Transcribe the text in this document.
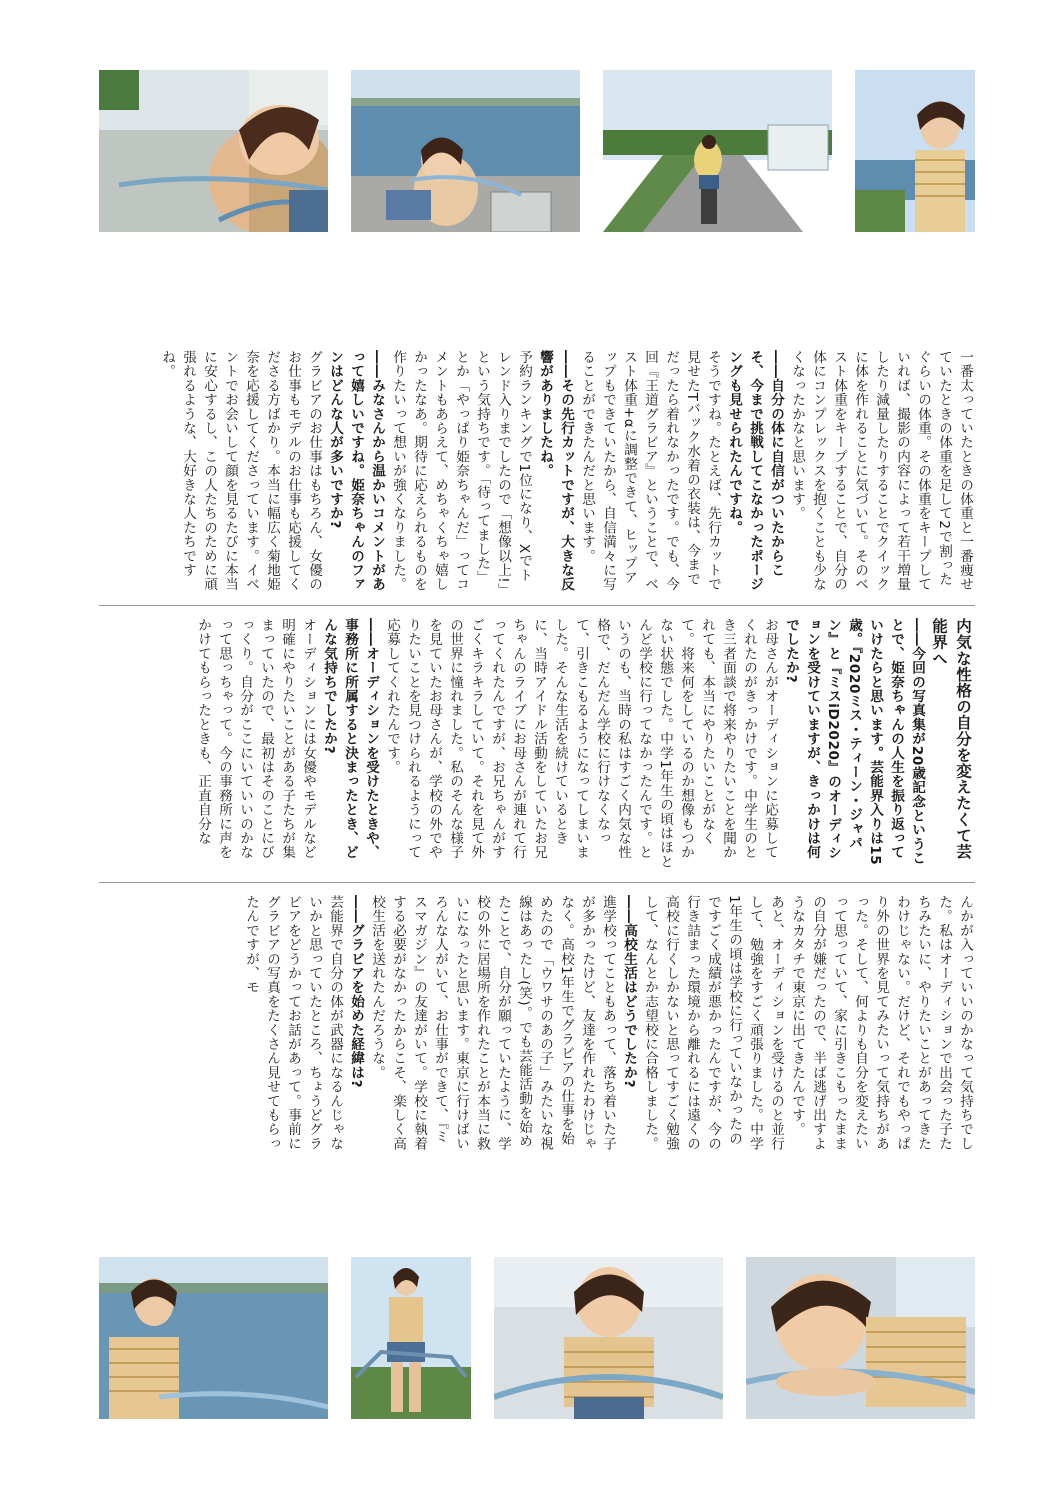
一番太っていたときの体重と一番痩せていたときの体重を足して2で割ったぐらいの体重。その体重をキープしていれば、撮影の内容によって若干増量したり減量したりすることでクイックに体を作れることに気づいて。そのベスト体重をキープすることで、自分の体にコンプレックスを抱くことも少なくなったかなと思います。

――自分の体に自信がついたからこそ、今まで挑戦してこなかったポージングも見せられたんですね。

そうですね。たとえば、先行カットで見せたTバック水着の衣装は、今までだったら着れなかったです。でも、今回『王道グラビア』ということで、ベスト体重+αに調整できて、ヒップアップもできていたから、自信満々に写ることができたんだと思います。

――その先行カットですが、大きな反響がありましたね。

予約ランキングで1位になり、Xでトレンド入りまでしたので「想像以上!」という気持ちです。「待ってました」とか「やっぱり姫奈ちゃんだ」ってコメントもあらえて、めちゃくちゃ嬉しかったなあ。期待に応えられるものを作りたいって想いが強くなりました。

――みなさんから温かいコメントがあって嬉しいですね。姫奈ちゃんのファンはどんな人が多いですか?

グラビアのお仕事はもちろん、女優のお仕事もモデルのお仕事も応援してくださる方ばかり。本当に幅広く菊地姫奈を応援してくださっています。イベントでお会いして顔を見るたびに本当に安心するし、この人たちのために頑張れるような、大好きな人たちですね。

内気な性格の自分を変えたくて芸能界へ

――今回の写真集が20歳記念ということで、姫奈ちゃんの人生を振り返っていけたらと思います。芸能界入りは15歳。『2020ミス・ティーン・ジャパン』と『ミスiD2020』のオーディションを受けていますが、きっかけは何でしたか?

お母さんがオーディションに応募してくれたのがきっかけです。中学生のとき三者面談で将来やりたいことを聞かれても、本当にやりたいことがなくて。将来何をしているのか想像もつかない状態でした。中学1年生の頃はほとんど学校に行ってなかったんです。というのも、当時の私はすごく内気な性格で、だんだん学校に行けなくなって、引きこもるようになってしまいました。そんな生活を続けているときに、当時アイドル活動をしていたお兄ちゃんのライブにお母さんが連れて行ってくれたんですが、お兄ちゃんがすごくキラキラしていて。それを見て外の世界に憧れました。私のそんな様子を見ていたお母さんが、学校の外でやりたいことを見つけられるようにって応募してくれたんです。

――オーディションを受けたときや、事務所に所属すると決まったとき、どんな気持ちでしたか?

オーディションには女優やモデルなど明確にやりたいことがある子たちが集まっていたので、最初はそのことにびっくり。自分がここにいていいのかなって思っちゃって。今の事務所に声をかけてもらったときも、正直自分な

んかが入っていいのかなって気持ちでした。私はオーディションで出会った子たちみたいに、やりたいことがあってきたわけじゃない。だけど、それでもやっぱり外の世界を見てみたいって気持ちがあった。そして、何よりも自分を変えたいって思っていて、家に引きこもったままの自分が嫌だったので、半ば逃げ出すようなカタチで東京に出てきたんです。

あと、オーディションを受けるのと並行して、勉強をすごく頑張りました。中学1年生の頃は学校に行っていなかったのですごく成績が悪かったんですが、今の行き詰まった環境から離れるには遠くの高校に行くしかないと思ってすごく勉強して、なんとか志望校に合格しました。

――高校生活はどうでしたか?

進学校ってこともあって、落ち着いた子が多かったけど、友達を作れたわけじゃなく。高校1年生でグラビアの仕事を始めたので「ウワサのあの子」みたいな視線はあったし(笑)。でも芸能活動を始めたことで、自分が願っていたように、学校の外に居場所を作れたことが本当に救いになったと思います。東京に行けばいろんな人がいて、お仕事ができて、『ミスマガジン』の友達がいて。学校に執着する必要がなかったからこそ、楽しく高校生活を送れたんだろうな。

――グラビアを始めた経緯は?

芸能界で自分の体が武器になるんじゃないかと思っていたところ、ちょうどグラビアをどうかってお話があって。事前にグラビアの写真をたくさん見せてもらったんですが、モ
